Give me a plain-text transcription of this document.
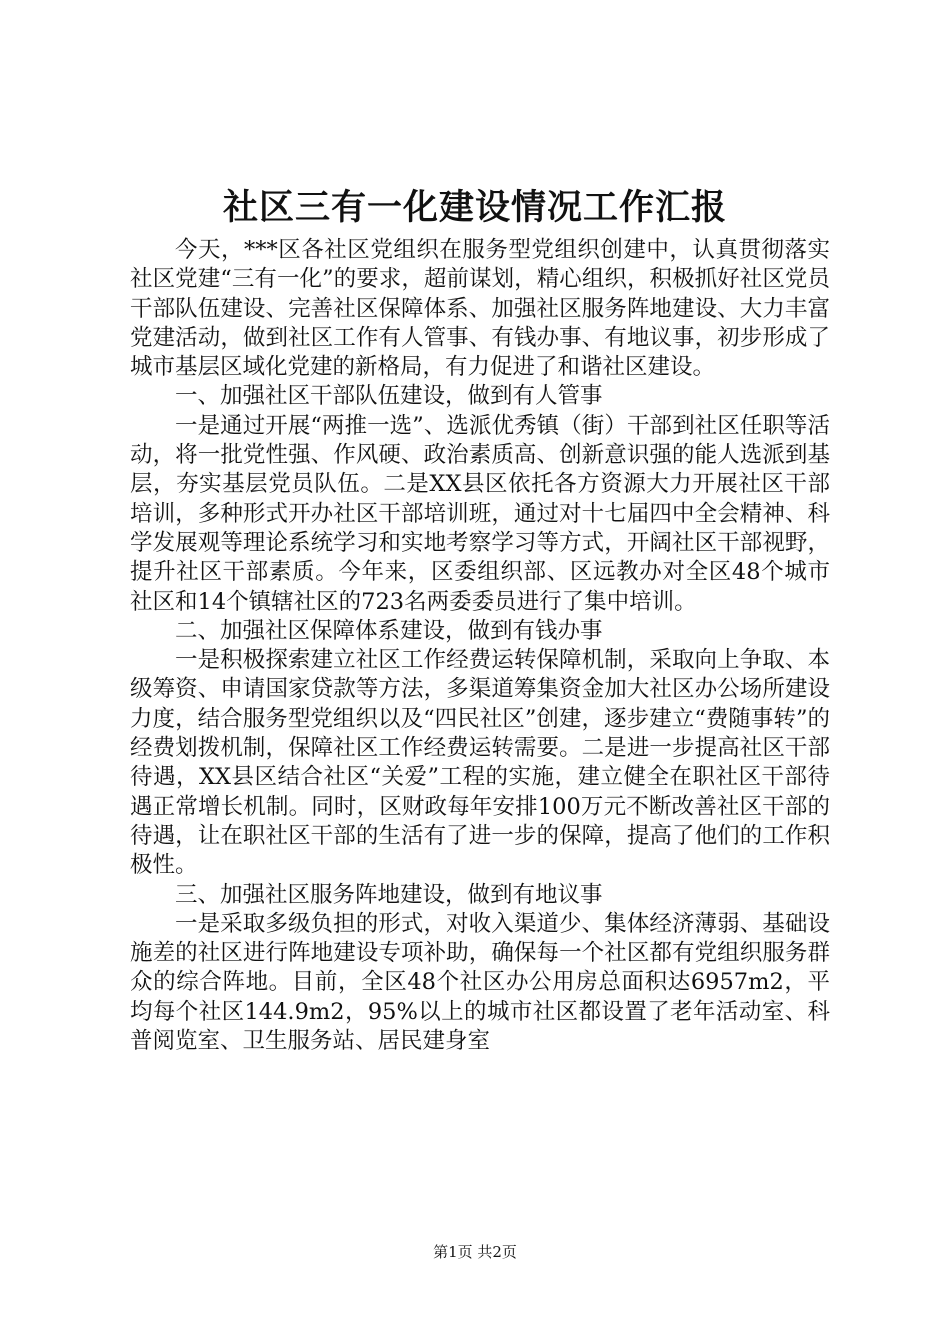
社区三有一化建设情况工作汇报

今天，***区各社区党组织在服务型党组织创建中，认真贯彻落实社区党建“三有一化”的要求，超前谋划，精心组织，积极抓好社区党员干部队伍建设、完善社区保障体系、加强社区服务阵地建设、大力丰富党建活动，做到社区工作有人管事、有钱办事、有地议事，初步形成了城市基层区域化党建的新格局，有力促进了和谐社区建设。

一、加强社区干部队伍建设，做到有人管事

一是通过开展“两推一选”、选派优秀镇（街）干部到社区任职等活动，将一批党性强、作风硬、政治素质高、创新意识强的能人选派到基层，夯实基层党员队伍。二是XX县区依托各方资源大力开展社区干部培训，多种形式开办社区干部培训班，通过对十七届四中全会精神、科学发展观等理论系统学习和实地考察学习等方式，开阔社区干部视野，提升社区干部素质。今年来，区委组织部、区远教办对全区48个城市社区和14个镇辖社区的723名两委委员进行了集中培训。

二、加强社区保障体系建设，做到有钱办事

一是积极探索建立社区工作经费运转保障机制，采取向上争取、本级筹资、申请国家贷款等方法，多渠道筹集资金加大社区办公场所建设力度，结合服务型党组织以及“四民社区”创建，逐步建立“费随事转”的经费划拨机制，保障社区工作经费运转需要。二是进一步提高社区干部待遇，XX县区结合社区“关爱”工程的实施，建立健全在职社区干部待遇正常增长机制。同时，区财政每年安排100万元不断改善社区干部的待遇，让在职社区干部的生活有了进一步的保障，提高了他们的工作积极性。

三、加强社区服务阵地建设，做到有地议事

一是采取多级负担的形式，对收入渠道少、集体经济薄弱、基础设施差的社区进行阵地建设专项补助，确保每一个社区都有党组织服务群众的综合阵地。目前，全区48个社区办公用房总面积达6957m2，平均每个社区144.9m2，95%以上的城市社区都设置了老年活动室、科普阅览室、卫生服务站、居民建身室

第1页 共2页
